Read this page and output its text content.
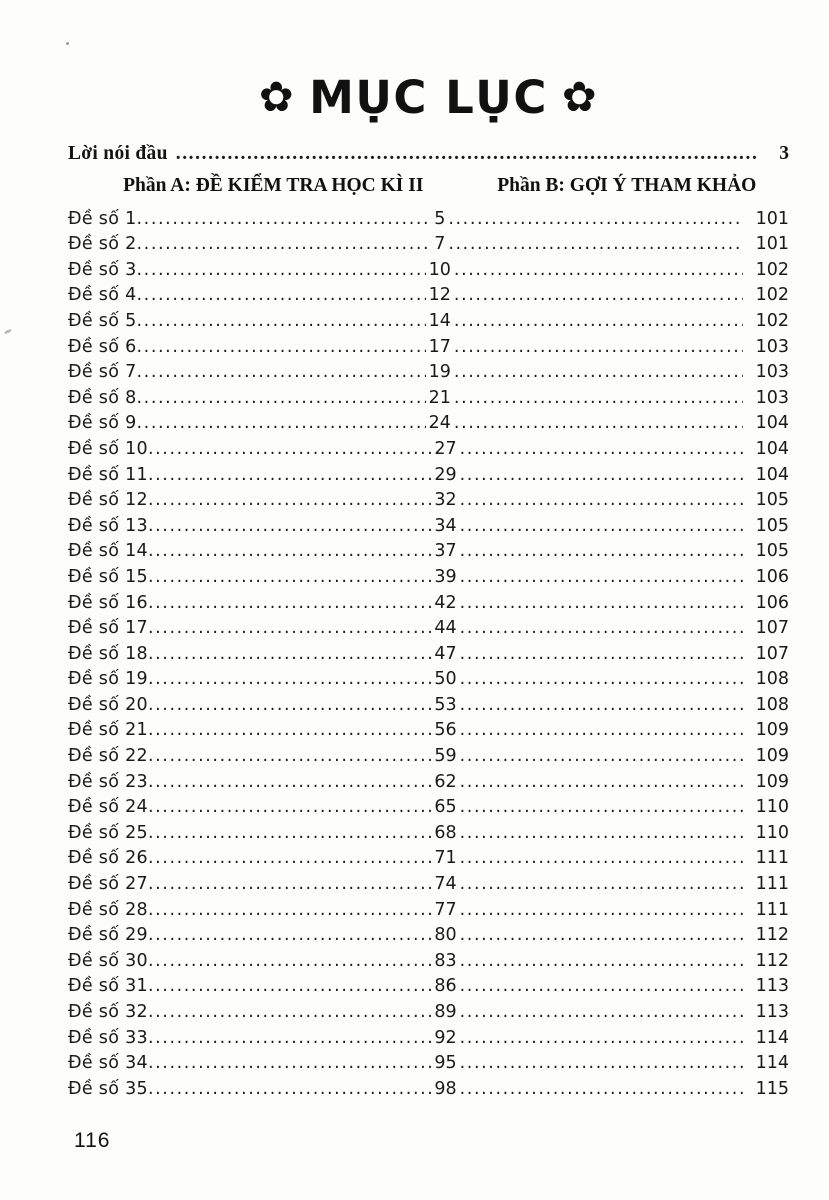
✿ MỤC LỤC ✿
Lời nói đầu .....	3
Phần A: ĐỀ KIỂM TRA HỌC KÌ II	Phần B: GỢI Ý THAM KHẢO
Đề số 1 .....	5 .....	101
Đề số 2 .....	7 .....	101
Đề số 3 .....	10 .....	102
Đề số 4 .....	12 .....	102
Đề số 5 .....	14 .....	102
Đề số 6 .....	17 .....	103
Đề số 7 .....	19 .....	103
Đề số 8 .....	21 .....	103
Đề số 9 .....	24 .....	104
Đề số 10 .....	27 .....	104
Đề số 11 .....	29 .....	104
Đề số 12 .....	32 .....	105
Đề số 13 .....	34 .....	105
Đề số 14 .....	37 .....	105
Đề số 15 .....	39 .....	106
Đề số 16 .....	42 .....	106
Đề số 17 .....	44 .....	107
Đề số 18 .....	47 .....	107
Đề số 19 .....	50 .....	108
Đề số 20 .....	53 .....	108
Đề số 21 .....	56 .....	109
Đề số 22 .....	59 .....	109
Đề số 23 .....	62 .....	109
Đề số 24 .....	65 .....	110
Đề số 25 .....	68 .....	110
Đề số 26 .....	71 .....	111
Đề số 27 .....	74 .....	111
Đề số 28 .....	77 .....	111
Đề số 29 .....	80 .....	112
Đề số 30 .....	83 .....	112
Đề số 31 .....	86 .....	113
Đề số 32 .....	89 .....	113
Đề số 33 .....	92 .....	114
Đề số 34 .....	95 .....	114
Đề số 35 .....	98 .....	115
116
